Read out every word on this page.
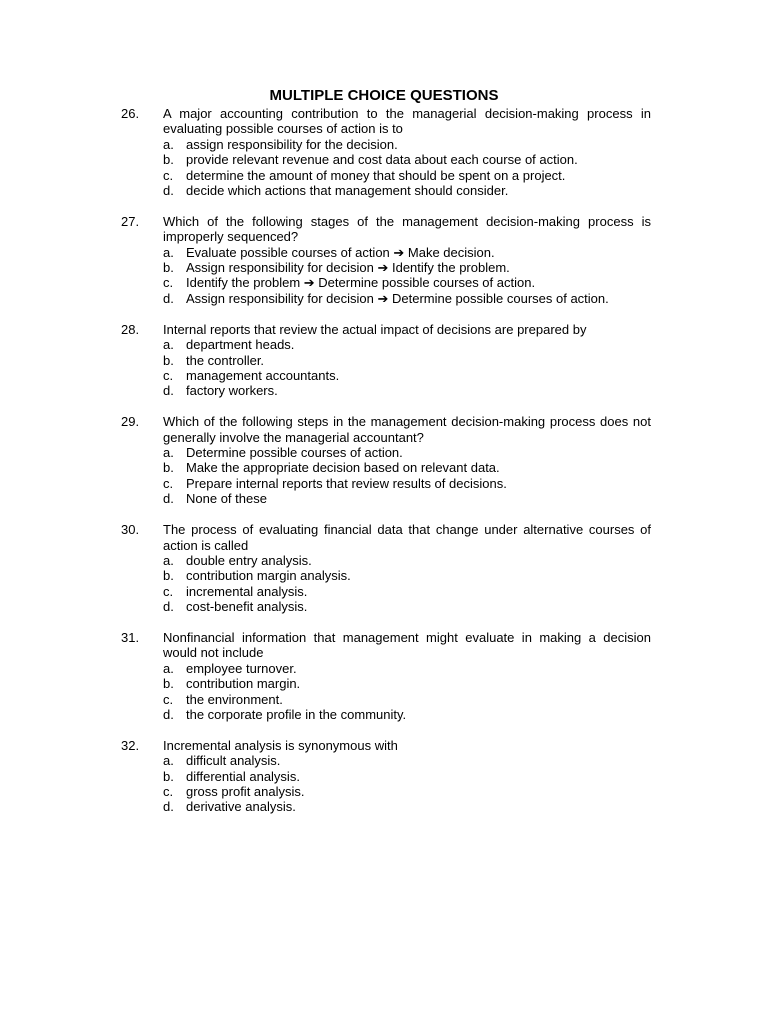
MULTIPLE CHOICE QUESTIONS
26. A major accounting contribution to the managerial decision-making process in evaluating possible courses of action is to
a. assign responsibility for the decision.
b. provide relevant revenue and cost data about each course of action.
c. determine the amount of money that should be spent on a project.
d. decide which actions that management should consider.
27. Which of the following stages of the management decision-making process is improperly sequenced?
a. Evaluate possible courses of action ➔ Make decision.
b. Assign responsibility for decision ➔ Identify the problem.
c. Identify the problem ➔ Determine possible courses of action.
d. Assign responsibility for decision ➔ Determine possible courses of action.
28. Internal reports that review the actual impact of decisions are prepared by
a. department heads.
b. the controller.
c. management accountants.
d. factory workers.
29. Which of the following steps in the management decision-making process does not generally involve the managerial accountant?
a. Determine possible courses of action.
b. Make the appropriate decision based on relevant data.
c. Prepare internal reports that review results of decisions.
d. None of these
30. The process of evaluating financial data that change under alternative courses of action is called
a. double entry analysis.
b. contribution margin analysis.
c. incremental analysis.
d. cost-benefit analysis.
31. Nonfinancial information that management might evaluate in making a decision would not include
a. employee turnover.
b. contribution margin.
c. the environment.
d. the corporate profile in the community.
32. Incremental analysis is synonymous with
a. difficult analysis.
b. differential analysis.
c. gross profit analysis.
d. derivative analysis.
